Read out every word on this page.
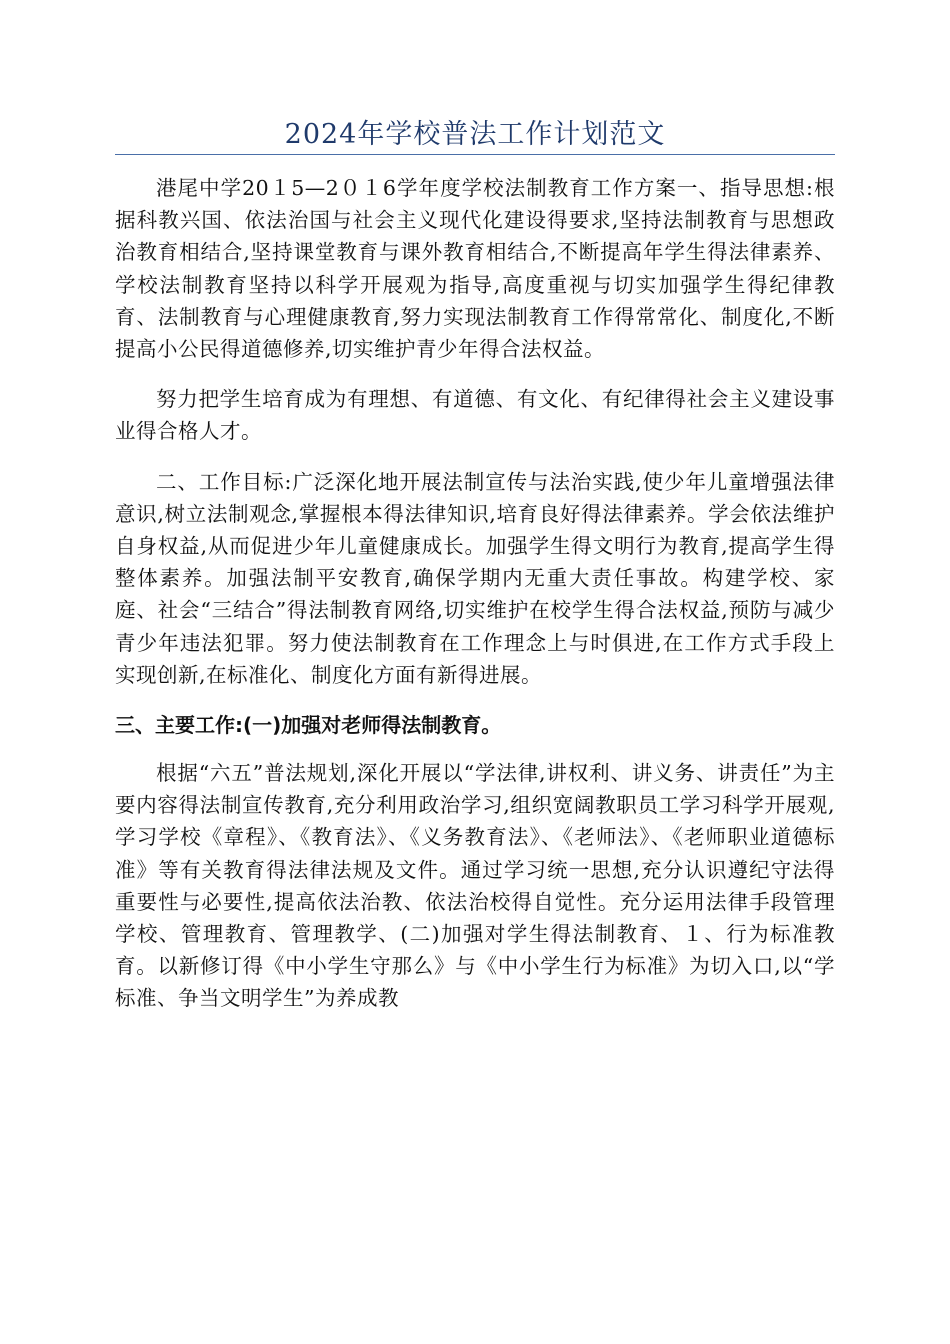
2024年学校普法工作计划范文

港尾中学20１5—2０１6学年度学校法制教育工作方案一、指导思想:根据科教兴国、依法治国与社会主义现代化建设得要求,坚持法制教育与思想政治教育相结合,坚持课堂教育与课外教育相结合,不断提高年学生得法律素养、学校法制教育坚持以科学开展观为指导,高度重视与切实加强学生得纪律教育、法制教育与心理健康教育,努力实现法制教育工作得常常化、制度化,不断提高小公民得道德修养,切实维护青少年得合法权益。

努力把学生培育成为有理想、有道德、有文化、有纪律得社会主义建设事业得合格人才。

二、工作目标:广泛深化地开展法制宣传与法治实践,使少年儿童增强法律意识,树立法制观念,掌握根本得法律知识,培育良好得法律素养。学会依法维护自身权益,从而促进少年儿童健康成长。加强学生得文明行为教育,提高学生得整体素养。加强法制平安教育,确保学期内无重大责任事故。构建学校、家庭、社会“三结合”得法制教育网络,切实维护在校学生得合法权益,预防与减少青少年违法犯罪。努力使法制教育在工作理念上与时俱进,在工作方式手段上实现创新,在标准化、制度化方面有新得进展。

三、主要工作:(一)加强对老师得法制教育。

根据“六五”普法规划,深化开展以“学法律,讲权利、讲义务、讲责任”为主要内容得法制宣传教育,充分利用政治学习,组织宽阔教职员工学习科学开展观,学习学校《章程》、《教育法》、《义务教育法》、《老师法》、《老师职业道德标准》等有关教育得法律法规及文件。通过学习统一思想,充分认识遵纪守法得重要性与必要性,提高依法治教、依法治校得自觉性。充分运用法律手段管理学校、管理教育、管理教学、(二)加强对学生得法制教育、１、行为标准教育。以新修订得《中小学生守那么》与《中小学生行为标准》为切入口,以“学标准、争当文明学生”为养成教
